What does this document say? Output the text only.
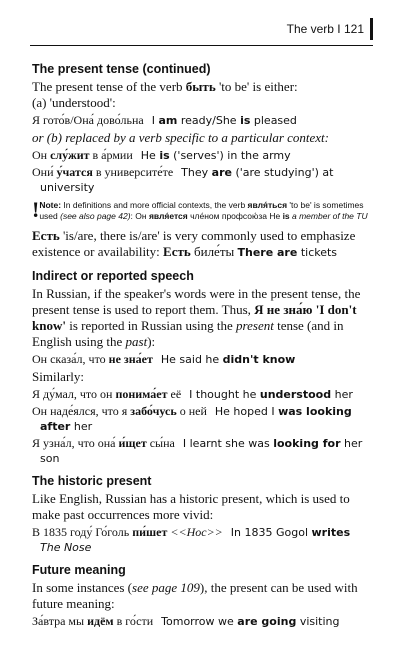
The verb I 121
The present tense (continued)

The present tense of the verb быть 'to be' is either:

(a) 'understood':

Я гото́в/Она́ дово́льна I am ready/She is pleased

or (b) replaced by a verb specific to a particular context:

Он слу́жит в а́рмии He is ('serves') in the army
Они́ у́чатся в университе́те They are ('are studying') at university
! Note: In definitions and more official contexts, the verb явля́ться 'to be' is sometimes used (see also page 42): Он явля́ется чле́ном профсою́за He is a member of the TU

Есть 'is/are, there is/are' is very commonly used to emphasize existence or availability: Есть биле́ты There are tickets

Indirect or reported speech

In Russian, if the speaker's words were in the present tense, the present tense is used to report them. Thus, Я не зна́ю 'I don't know' is reported in Russian using the present tense (and in English using the past):

Он сказа́л, что не зна́ет He said he didn't know

Similarly:

Я ду́мал, что он понима́ет её I thought he understood her
Он наде́ялся, что я забо́чусь о ней He hoped I was looking after her
Я узна́л, что она́ и́щет сы́на I learnt she was looking for her son
The historic present

Like English, Russian has a historic present, which is used to make past occurrences more vivid:

В 1835 году́ Го́голь пи́шет <<Нос>> In 1835 Gogol writes The Nose
Future meaning

In some instances (see page 109), the present can be used with future meaning:

За́втра мы идём в го́сти Tomorrow we are going visiting
